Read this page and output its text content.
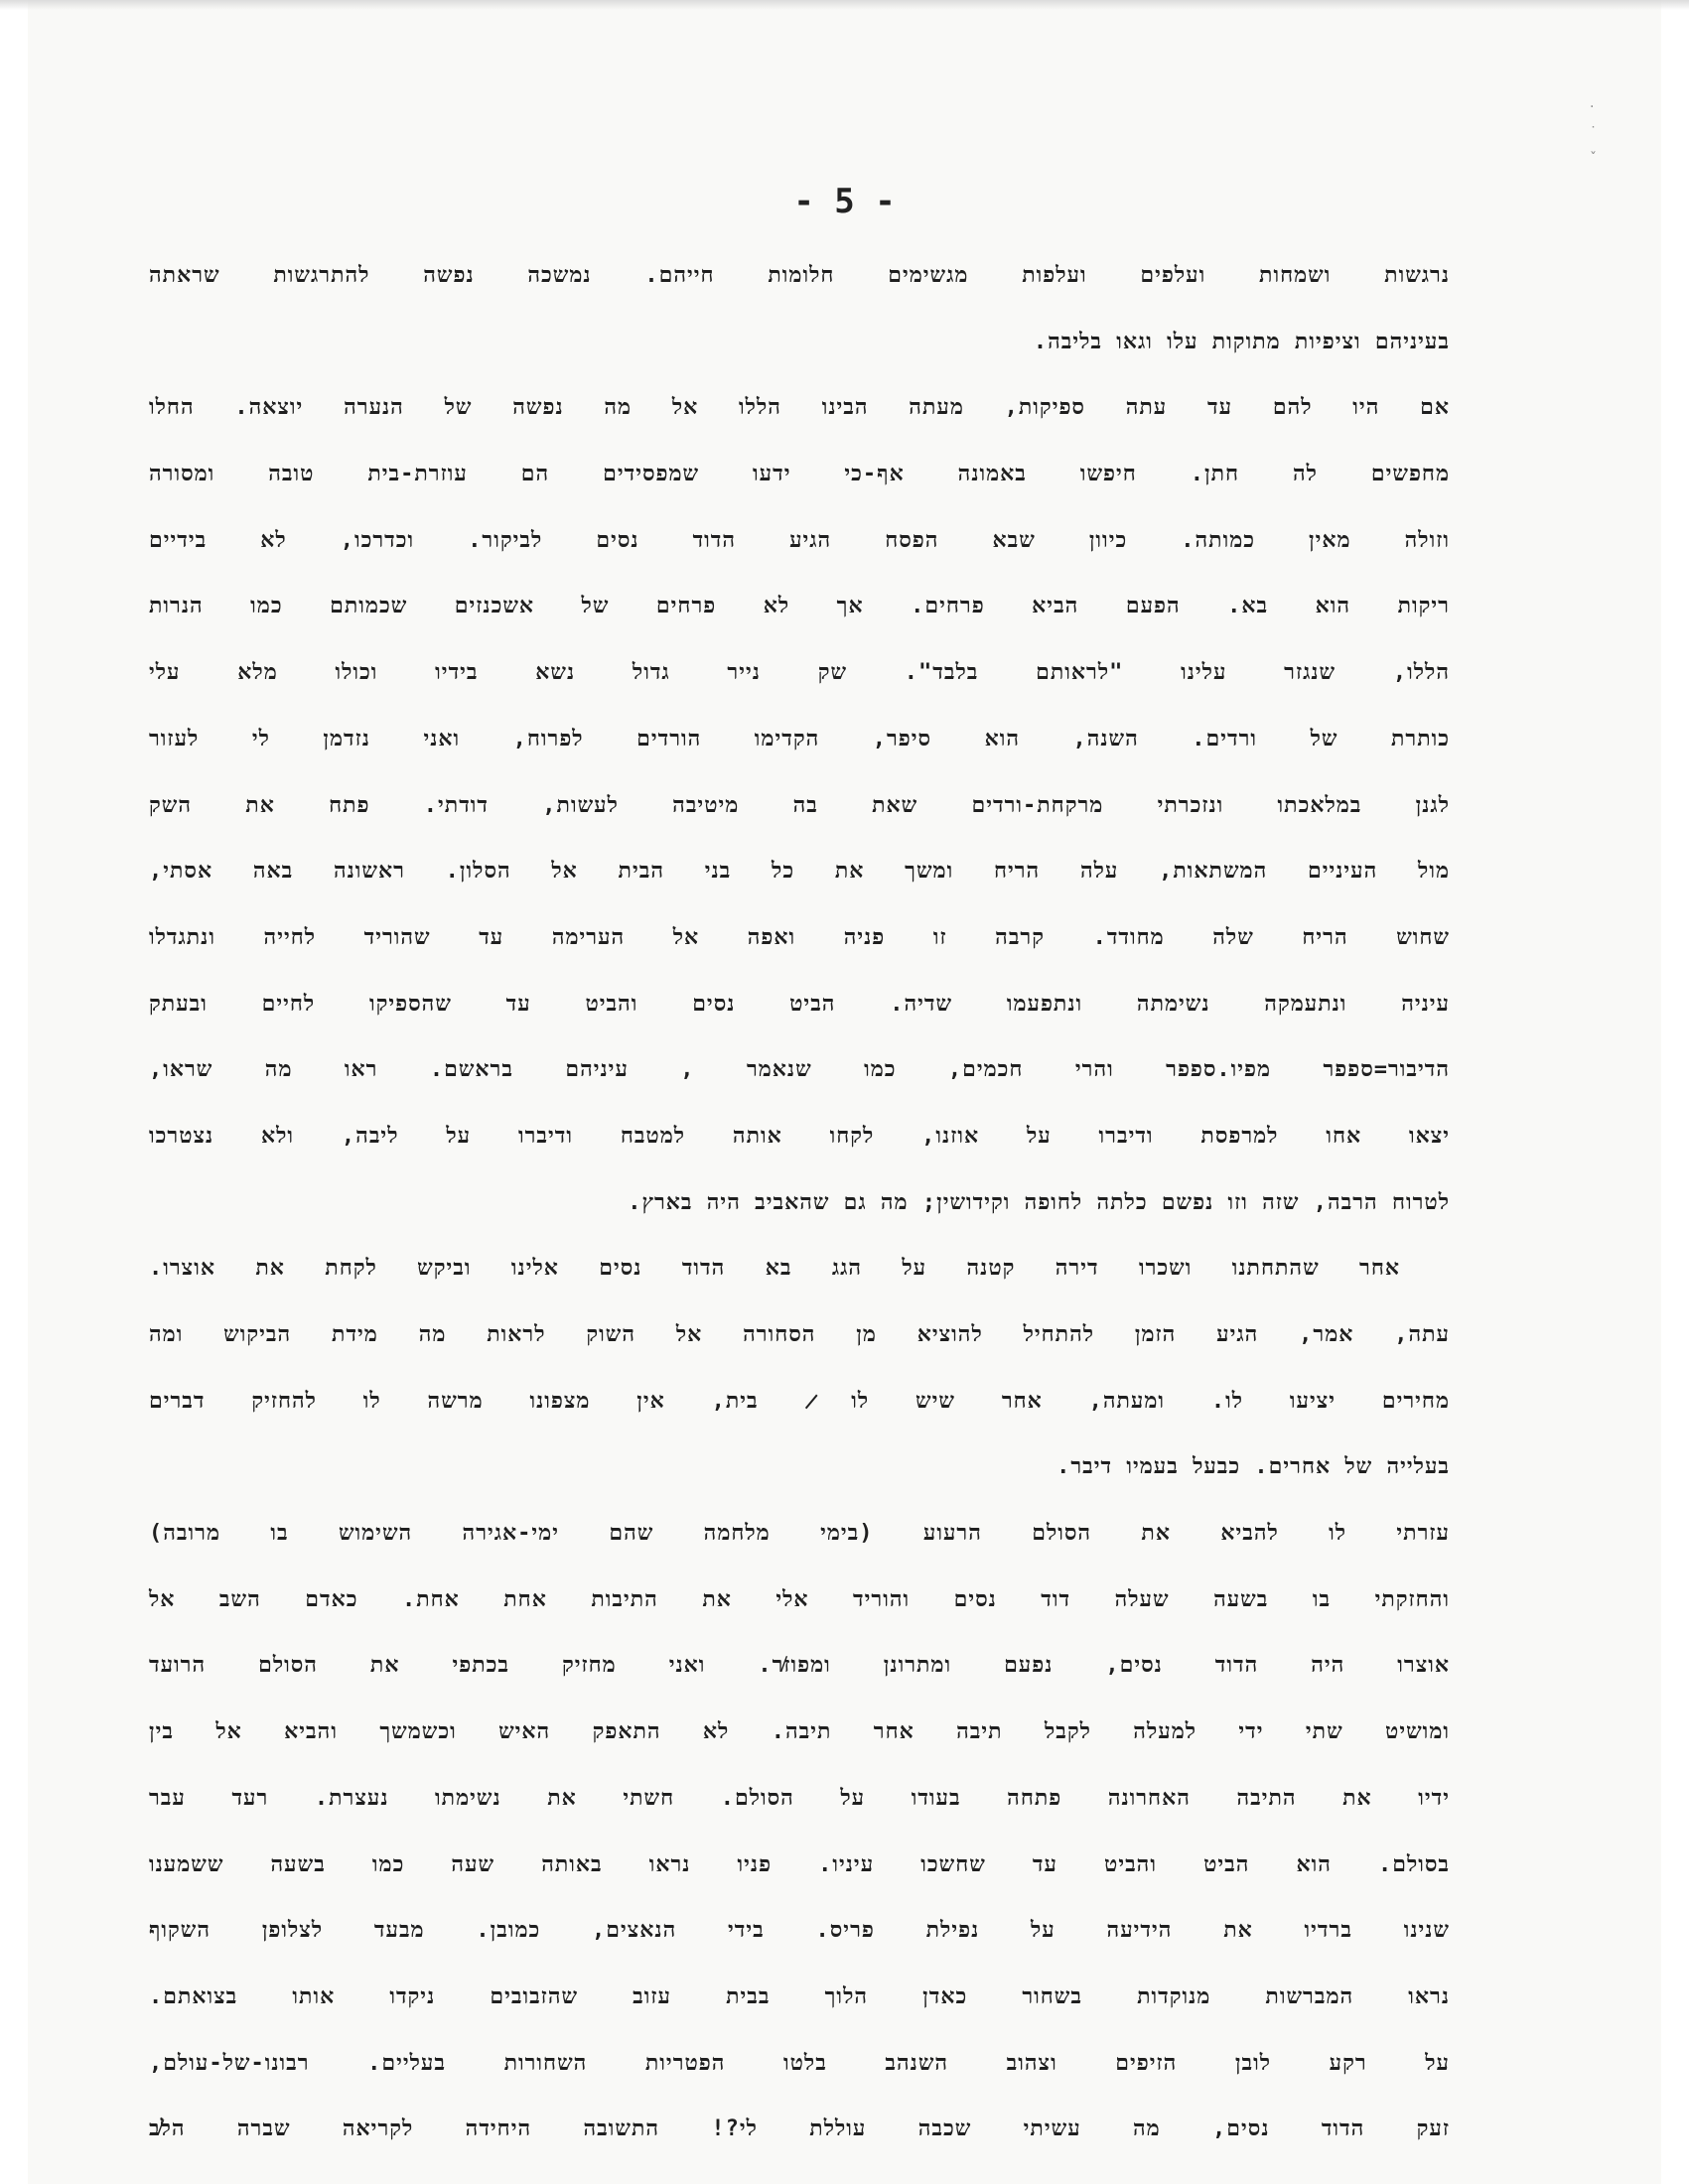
·
˙
ˇ
- 5 -
נרגשות ושמחות ועלפים ועלפות מגשימים חלומות חייהם. נמשכה נפשה להתרגשות שראתה
בעיניהם וציפיות מתוקות עלו וגאו בליבה.
אם היו להם עד עתה ספיקות, מעתה הבינו הללו אל מה נפשה של הנערה יוצאה. החלו
מחפשים לה חתן. חיפשו באמונה אף-כי ידעו שמפסידים הם עוזרת-בית טובה ומסורה
וזולה מאין כמותה. כיוון שבא הפסח הגיע הדוד נסים לביקור. וכדרכו, לא בידיים
ריקות הוא בא. הפעם הביא פרחים. אך לא פרחים של אשכנזים שכמותם כמו הנרות
הללו, שנגזר עלינו "לראותם בלבד". שק נייר גדול נשא בידיו וכולו מלא עלי
כותרת של ורדים. השנה, הוא סיפר, הקדימו הורדים לפרוח, ואני נזדמן לי לעזור
לגנן במלאכתו ונזכרתי מרקחת-ורדים שאת בה מיטיבה לעשות, דודתי. פתח את השק
מול העיניים המשתאות, עלה הריח ומשך את כל בני הבית אל הסלון. ראשונה באה אסתי,
שחוש הריח שלה מחודד. קרבה זו פניה ואפה אל הערימה עד שהוריד לחייה ונתגדלו
עיניה ונתעמקה נשימתה ונתפעמו שדיה. הביט נסים והביט עד שהספיקו לחיים ובעתק
הדיבור=ספפר מפיו.ספפר והרי חכמים, כמו שנאמר , עיניהם בראשם. ראו מה שראו,
יצאו אחו למרפסת ודיברו על אוזנו, לקחו אותה למטבח ודיברו על ליבה, ולא נצטרכו
לטרוח הרבה, שזה וזו נפשם כלתה לחופה וקידושין; מה גם שהאביב היה בארץ.
אחר שהתחתנו ושכרו דירה קטנה על הגג בא הדוד נסים אלינו וביקש לקחת את אוצרו.
עתה, אמר, הגיע הזמן להתחיל להוציא מן הסחורה אל השוק לראות מה מידת הביקוש ומה
מחירים יציעו לו. ומעתה, אחר שיש לו ̷ בית, אין מצפונו מרשה לו להחזיק דברים
בעלייה של אחרים. כבעל בעמיו דיבר.
עזרתי לו להביא את הסולם הרעוע (בימי מלחמה שהם ימי-אגירה השימוש בו מרובה)
והחזקתי בו בשעה שעלה דוד נסים והוריד אלי את התיבות אחת אחת. כאדם השב אל
אוצרו היה הדוד נסים, נפעם ומתרונן ומפוז̸ר. ואני מחזיק בכתפי את הסולם הרועד
ומושיט שתי ידי למעלה לקבל תיבה אחר תיבה. לא התאפק האיש וכשמשך והביא אל בין
ידיו את התיבה האחרונה פתחה בעודו על הסולם. חשתי את נשימתו נעצרת. רעד עבר
בסולם. הוא הביט והביט עד שחשכו עיניו. פניו נראו באותה שעה כמו בשעה ששמענו
שנינו ברדיו את הידיעה על נפילת פריס. בידי הנאצים, כמובן. מבעד לצלופן השקוף
נראו המברשות מנוקדות בשחור כאדן הלוך בבית עזוב שהזבובים ניקדו אותו בצואתם.
על רקע לובן הזיפים וצהוב השנהב בלטו הפטריות השחורות בעליים. רבונו-של-עולם,
זעק הדוד נסים, מה עשיתי שכבה עוללת לי?! התשובה היחידה לקריאה שברה הל̸ב
